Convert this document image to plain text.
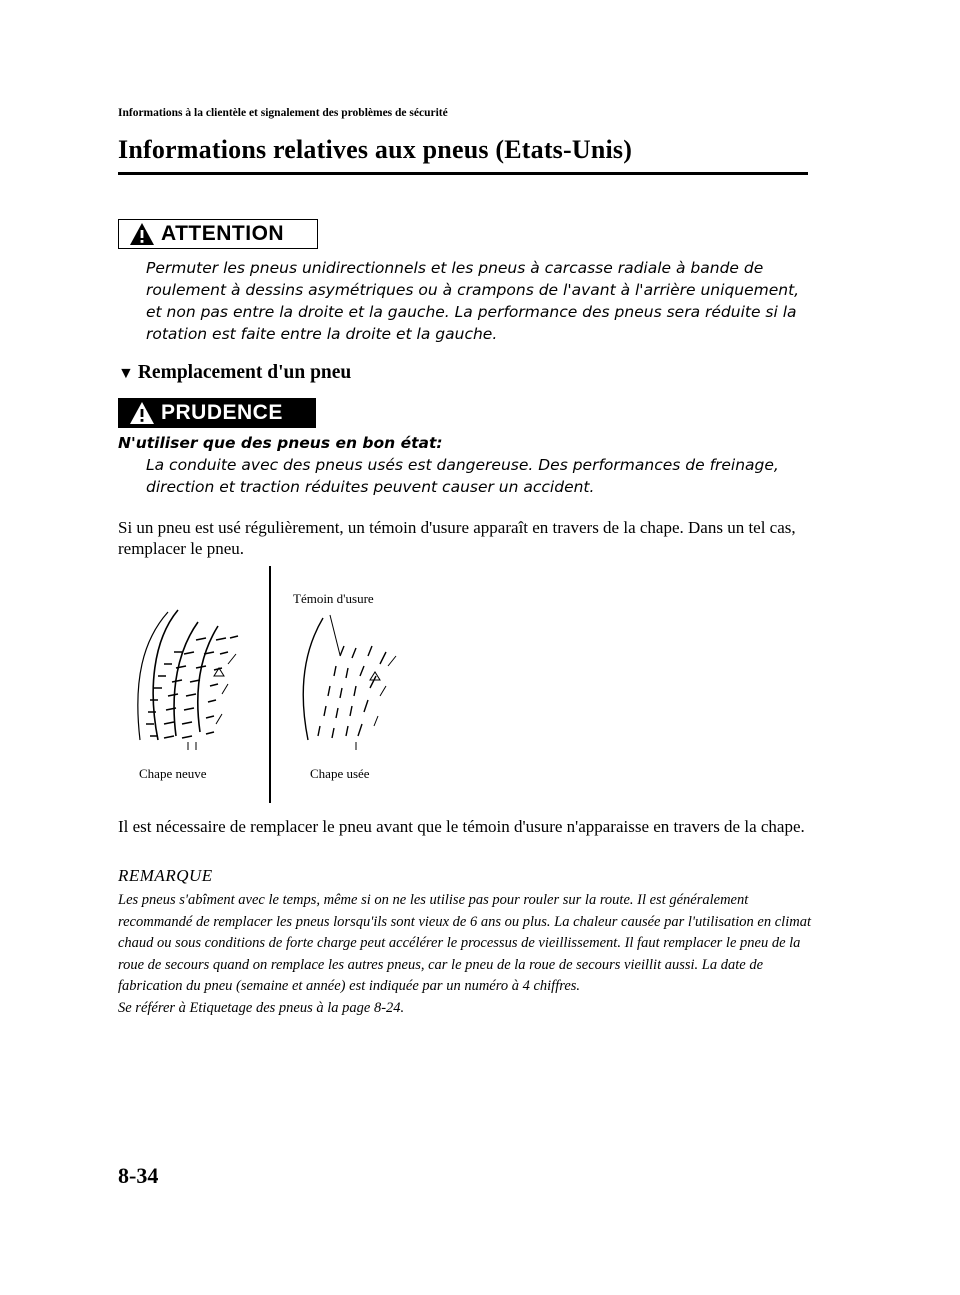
Informations à la clientèle et signalement des problèmes de sécurité
Informations relatives aux pneus (Etats-Unis)
ATTENTION
Permuter les pneus unidirectionnels et les pneus à carcasse radiale à bande de roulement à dessins asymétriques ou à crampons de l'avant à l'arrière uniquement, et non pas entre la droite et la gauche. La performance des pneus sera réduite si la rotation est faite entre la droite et la gauche.
▼ Remplacement d'un pneu
PRUDENCE
N'utiliser que des pneus en bon état:
La conduite avec des pneus usés est dangereuse. Des performances de freinage, direction et traction réduites peuvent causer un accident.
Si un pneu est usé régulièrement, un témoin d'usure apparaît en travers de la chape. Dans un tel cas, remplacer le pneu.
Témoin d'usure
Chape neuve	Chape usée
Il est nécessaire de remplacer le pneu avant que le témoin d'usure n'apparaisse en travers de la chape.
REMARQUE
Les pneus s'abîment avec le temps, même si on ne les utilise pas pour rouler sur la route. Il est généralement recommandé de remplacer les pneus lorsqu'ils sont vieux de 6 ans ou plus. La chaleur causée par l'utilisation en climat chaud ou sous conditions de forte charge peut accélérer le processus de vieillissement. Il faut remplacer le pneu de la roue de secours quand on remplace les autres pneus, car le pneu de la roue de secours vieillit aussi. La date de fabrication du pneu (semaine et année) est indiquée par un numéro à 4 chiffres.
Se référer à Etiquetage des pneus à la page 8-24.
8-34
